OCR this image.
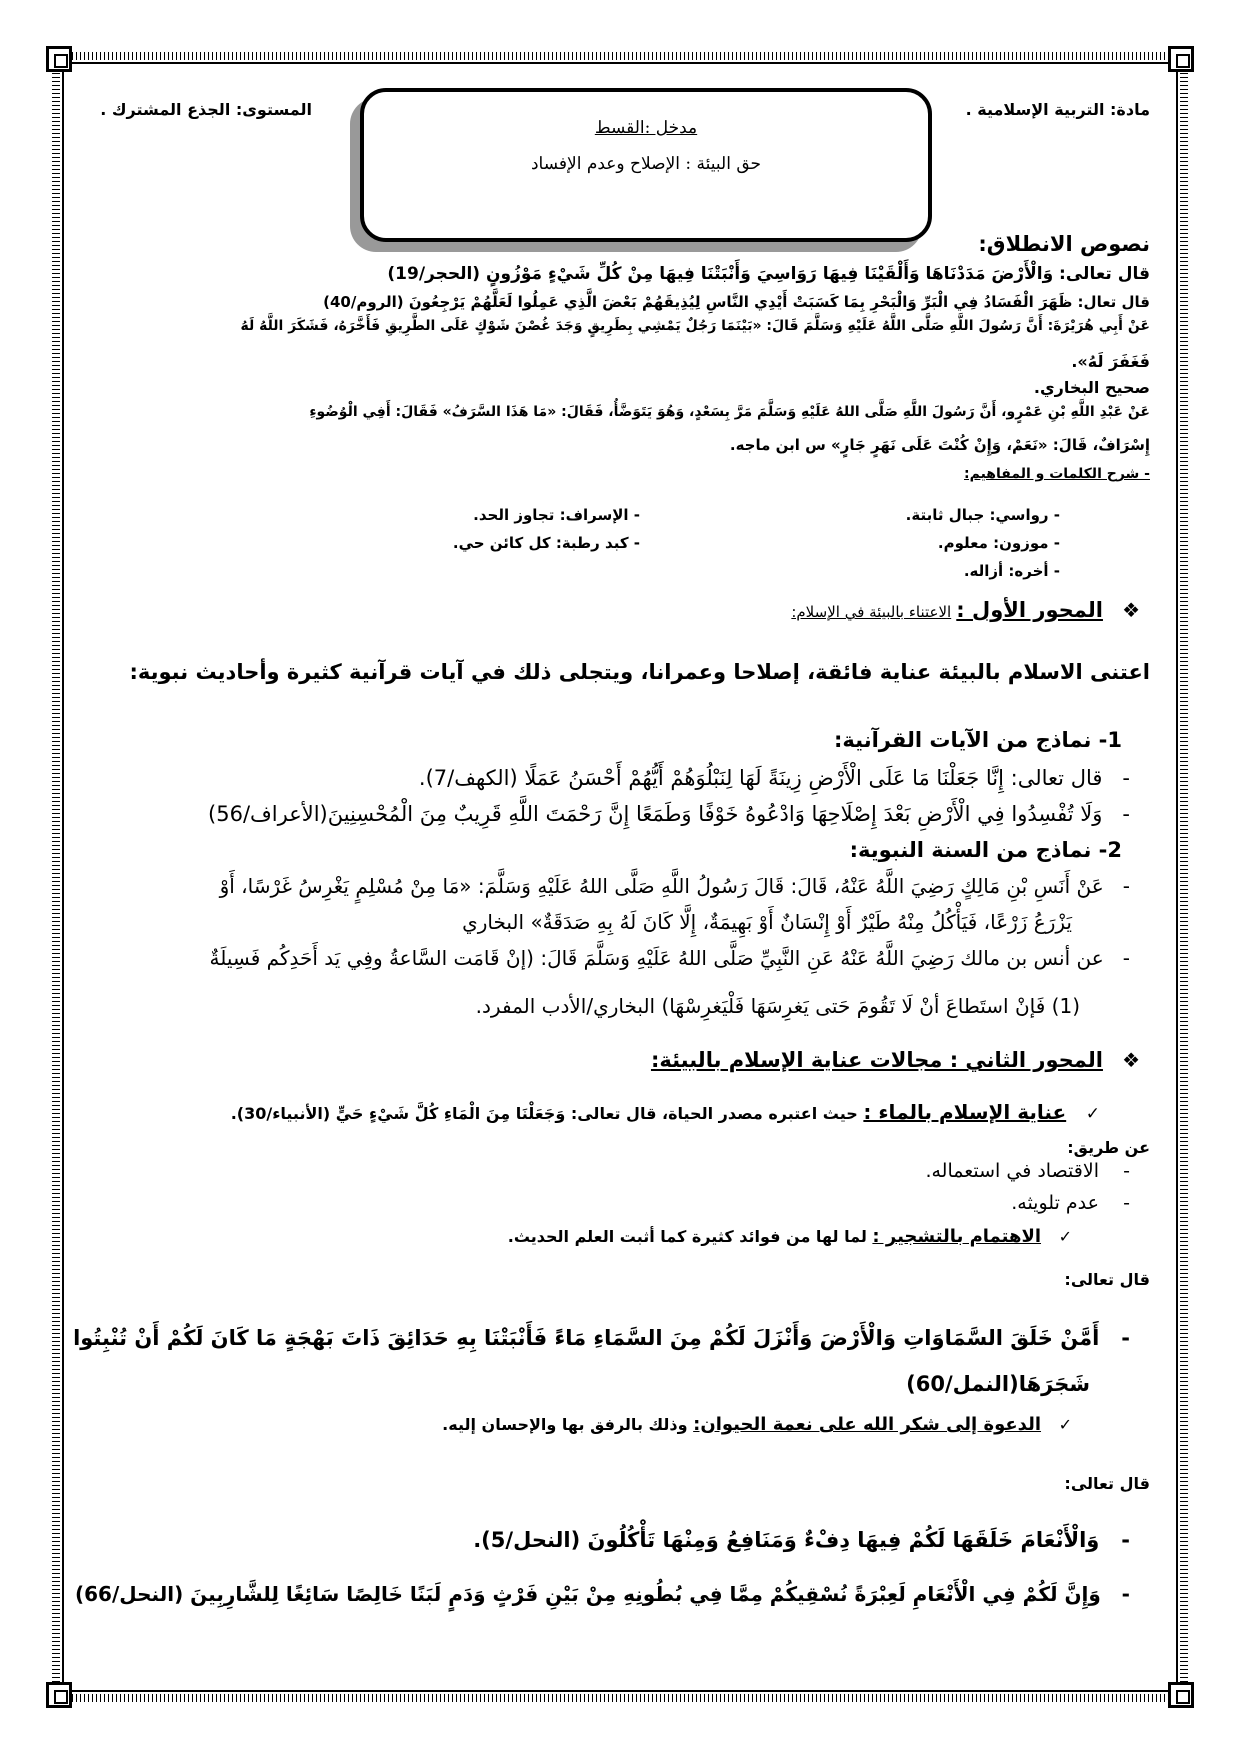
مادة: التربية الإسلامية .
المستوى: الجذع المشترك .
مدخل :القسط
حق البيئة : الإصلاح وعدم الإفساد
نصوص الانطلاق:
قال تعالى: وَالْأَرْضَ مَدَدْنَاهَا وَأَلْقَيْنَا فِيهَا رَوَاسِيَ وَأَنْبَتْنَا فِيهَا مِنْ كُلِّ شَيْءٍ مَوْزُونٍ (الحجر/19)
قال تعال: ظَهَرَ الْفَسَادُ فِي الْبَرِّ وَالْبَحْرِ بِمَا كَسَبَتْ أَيْدِي النَّاسِ لِيُذِيقَهُمْ بَعْضَ الَّذِي عَمِلُوا لَعَلَّهُمْ يَرْجِعُونَ (الروم/40)
عَنْ أَبِي هُرَيْرَةَ: أَنَّ رَسُولَ اللَّهِ صَلَّى اللَّهُ عَلَيْهِ وَسَلَّمَ قَالَ: «بَيْنَمَا رَجُلٌ يَمْشِي بِطَرِيقٍ وَجَدَ غُصْنَ شَوْكٍ عَلَى الطَّرِيقِ فَأَخَّرَهُ، فَشَكَرَ اللَّهُ لَهُ
فَغَفَرَ لَهُ».
صحيح البخاري.
عَنْ عَبْدِ اللَّهِ بْنِ عَمْرٍو، أَنَّ رَسُولَ اللَّهِ صَلَّى اللهُ عَلَيْهِ وَسَلَّمَ مَرَّ بِسَعْدٍ، وَهُوَ يَتَوَضَّأُ، فَقَالَ: «مَا هَذَا السَّرَفُ» فَقَالَ: أَفِي الْوُضُوءِ
إِسْرَافٌ، قَالَ: «نَعَمْ، وَإِنْ كُنْتَ عَلَى نَهَرٍ جَارٍ» س ابن ماجه.
- شرح الكلمات و المفاهيم:
- رواسي: جبال ثابتة.
- موزون: معلوم.
- أخره: أزاله.
- الإسراف: تجاوز الحد.
- كبد رطبة: كل كائن حي.
❖ المحور الأول : الاعتناء بالبيئة في الإسلام:
اعتنى الاسلام بالبيئة عناية فائقة، إصلاحا وعمرانا، ويتجلى ذلك في آيات قرآنية كثيرة وأحاديث نبوية:
1- نماذج من الآيات القرآنية:
-   قال تعالى: إِنَّا جَعَلْنَا مَا عَلَى الْأَرْضِ زِينَةً لَهَا لِنَبْلُوَهُمْ أَيُّهُمْ أَحْسَنُ عَمَلًا (الكهف/7).
-   وَلَا تُفْسِدُوا فِي الْأَرْضِ بَعْدَ إِصْلَاحِهَا وَادْعُوهُ خَوْفًا وَطَمَعًا إِنَّ رَحْمَتَ اللَّهِ قَرِيبٌ مِنَ الْمُحْسِنِينَ(الأعراف/56)
2- نماذج من السنة النبوية:
-   عَنْ أَنَسِ بْنِ مَالِكٍ رَضِيَ اللَّهُ عَنْهُ، قَالَ: قَالَ رَسُولُ اللَّهِ صَلَّى اللهُ عَلَيْهِ وَسَلَّمَ: «مَا مِنْ مُسْلِمٍ يَغْرِسُ غَرْسًا، أَوْ
يَزْرَعُ زَرْعًا، فَيَأْكُلُ مِنْهُ طَيْرٌ أَوْ إِنْسَانٌ أَوْ بَهِيمَةٌ، إِلَّا كَانَ لَهُ بِهِ صَدَقَةٌ» البخاري
-   عن أنس بن مالك رَضِيَ اللَّهُ عَنْهُ عَنِ النَّبِيِّ صَلَّى اللهُ عَلَيْهِ وَسَلَّمَ قَالَ: (إنْ قَامَت السَّاعةُ وفِي يَد أَحَدِكُم فَسِيلَةٌ
(1) فَإنْ استَطاعَ أنْ لَا تَقُومَ حَتى يَغرِسَهَا فَلْيَغرِسْهَا) البخاري/الأدب المفرد.
❖ المحور الثاني : مجالات عناية الإسلام بالبيئة:
✓ عناية الإسلام بالماء : حيث اعتبره مصدر الحياة، قال تعالى: وَجَعَلْنَا مِنَ الْمَاءِ كُلَّ شَيْءٍ حَيٍّ (الأنبياء/30).
عن طريق:
-    الاقتصاد في استعماله.
-    عدم تلويثه.
✓ الاهتمام بالتشجير : لما لها من فوائد كثيرة كما أثبت العلم الحديث.
قال تعالى:
-   أَمَّنْ خَلَقَ السَّمَاوَاتِ وَالْأَرْضَ وَأَنْزَلَ لَكُمْ مِنَ السَّمَاءِ مَاءً فَأَنْبَتْنَا بِهِ حَدَائِقَ ذَاتَ بَهْجَةٍ مَا كَانَ لَكُمْ أَنْ تُنْبِتُوا
شَجَرَهَا(النمل/60)
✓ الدعوة إلى شكر الله على نعمة الحيوان: وذلك بالرفق بها والإحسان إليه.
قال تعالى:
-   وَالْأَنْعَامَ خَلَقَهَا لَكُمْ فِيهَا دِفْءٌ وَمَنَافِعُ وَمِنْهَا تَأْكُلُونَ (النحل/5).
-   وَإِنَّ لَكُمْ فِي الْأَنْعَامِ لَعِبْرَةً نُسْقِيكُمْ مِمَّا فِي بُطُونِهِ مِنْ بَيْنِ فَرْثٍ وَدَمٍ لَبَنًا خَالِصًا سَائِغًا لِلشَّارِبِينَ (النحل/66)
